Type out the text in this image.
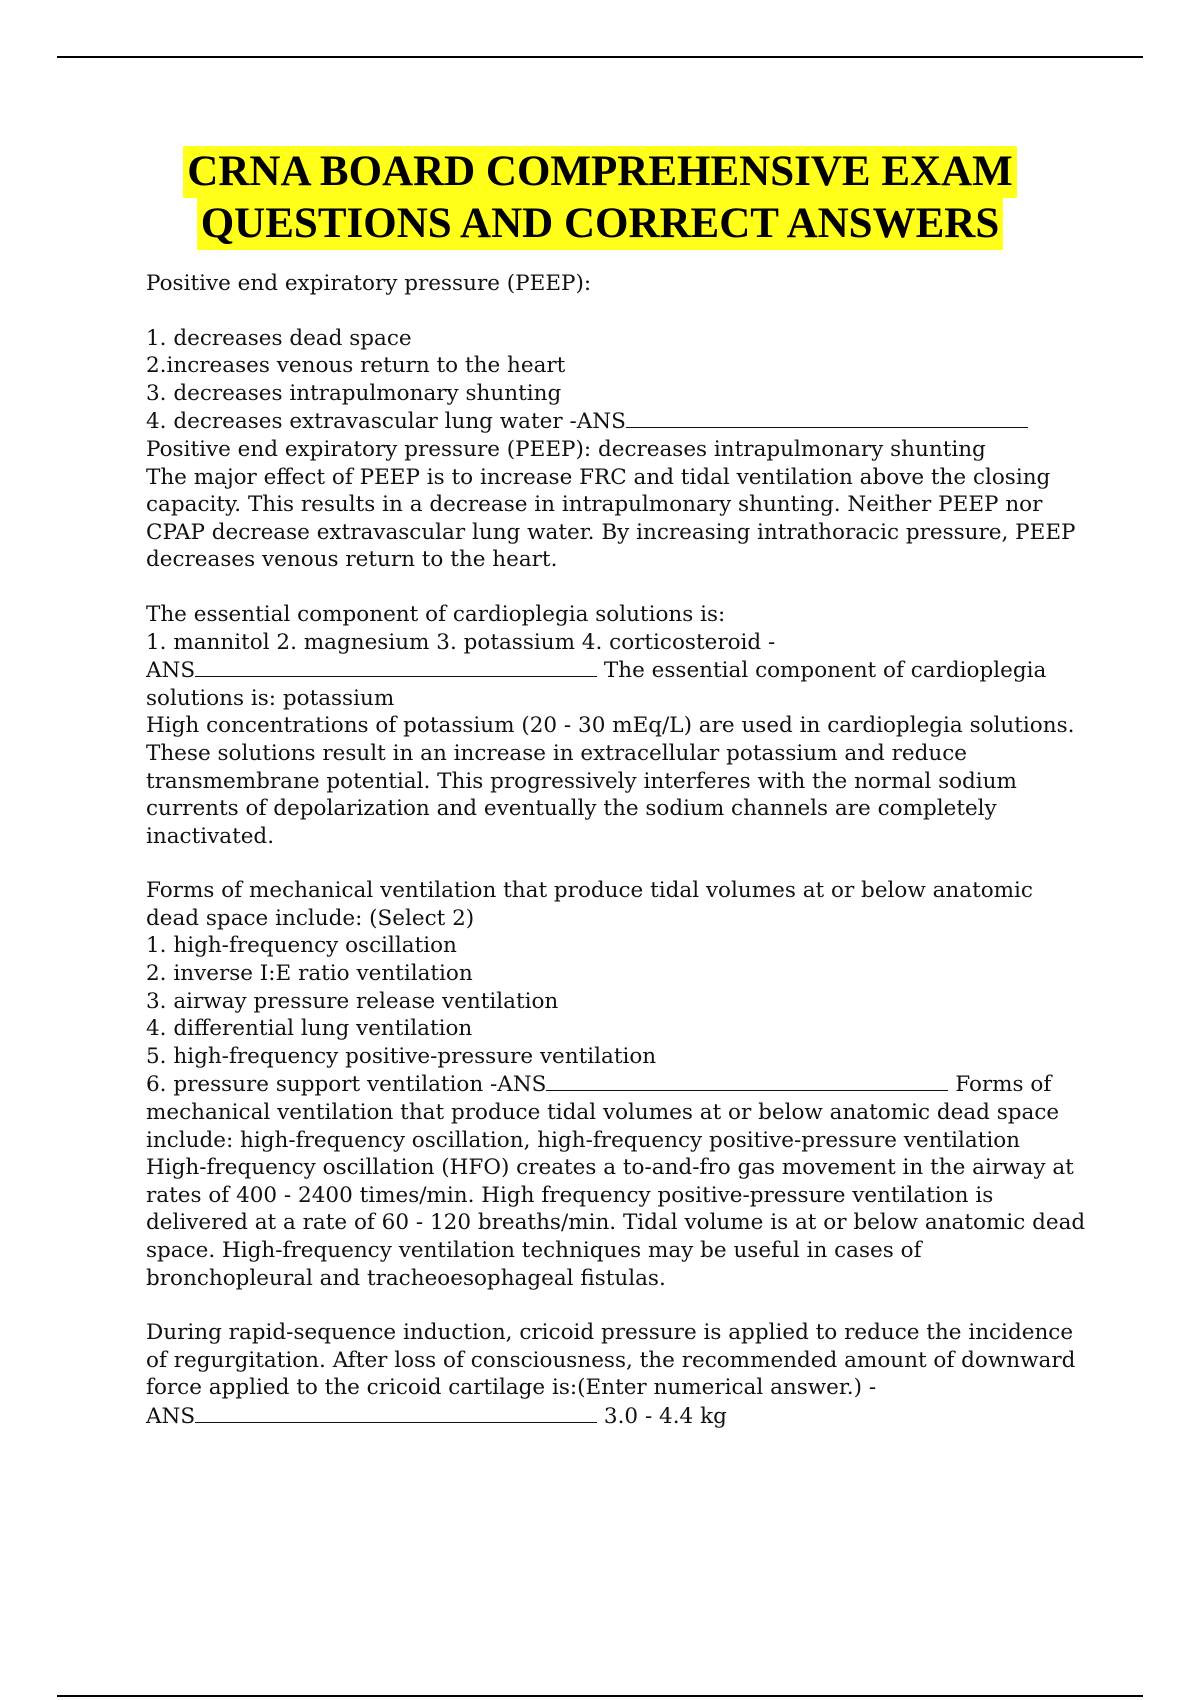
CRNA BOARD COMPREHENSIVE EXAM
QUESTIONS AND CORRECT ANSWERS
Positive end expiratory pressure (PEEP):
1. decreases dead space
2.increases venous return to the heart
3. decreases intrapulmonary shunting
4. decreases extravascular lung water -ANS
Positive end expiratory pressure (PEEP): decreases intrapulmonary shunting
The major effect of PEEP is to increase FRC and tidal ventilation above the closing capacity. This results in a decrease in intrapulmonary shunting. Neither PEEP nor CPAP decrease extravascular lung water. By increasing intrathoracic pressure, PEEP decreases venous return to the heart.
The essential component of cardioplegia solutions is:
1. mannitol 2. magnesium 3. potassium 4. corticosteroid -
ANS	The essential component of cardioplegia
solutions is: potassium
High concentrations of potassium (20 - 30 mEq/L) are used in cardioplegia solutions. These solutions result in an increase in extracellular potassium and reduce transmembrane potential. This progressively interferes with the normal sodium currents of depolarization and eventually the sodium channels are completely inactivated.
Forms of mechanical ventilation that produce tidal volumes at or below anatomic dead space include: (Select 2)
1. high-frequency oscillation
2. inverse I:E ratio ventilation
3. airway pressure release ventilation
4. differential lung ventilation
5. high-frequency positive-pressure ventilation
6. pressure support ventilation -ANS	Forms of mechanical ventilation that produce tidal volumes at or below anatomic dead space include: high-frequency oscillation, high-frequency positive-pressure ventilation
High-frequency oscillation (HFO) creates a to-and-fro gas movement in the airway at rates of 400 - 2400 times/min. High frequency positive-pressure ventilation is delivered at a rate of 60 - 120 breaths/min. Tidal volume is at or below anatomic dead space. High-frequency ventilation techniques may be useful in cases of bronchopleural and tracheoesophageal fistulas.
During rapid-sequence induction, cricoid pressure is applied to reduce the incidence of regurgitation. After loss of consciousness, the recommended amount of downward force applied to the cricoid cartilage is:(Enter numerical answer.) -
ANS	3.0 - 4.4 kg
